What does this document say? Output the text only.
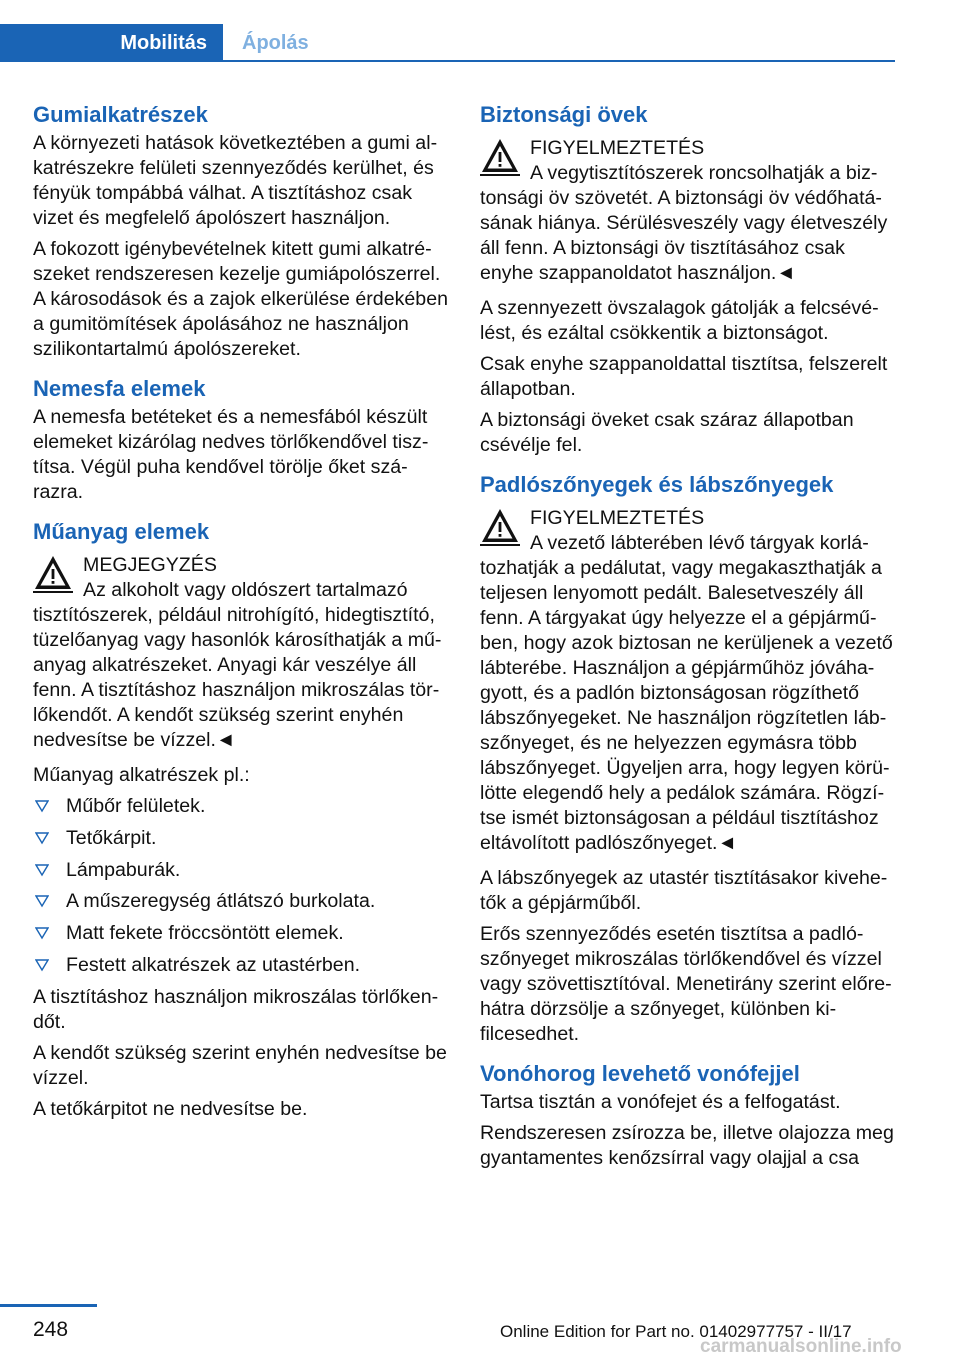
Mobilitás	Ápolás
Gumialkatrészek
A környezeti hatások következtében a gumi alkatrészekre felületi szennyeződés kerülhet, és fényük tompábbá válhat. A tisztításhoz csak vizet és megfelelő ápolószert használjon.
A fokozott igénybevételnek kitett gumi alkatrészeket rendszeresen kezelje gumiápolószerrel. A károsodások és a zajok elkerülése érdekében a gumitömítések ápolásához ne használjon szilikontartalmú ápolószereket.
Nemesfa elemek
A nemesfa betéteket és a nemesfából készült elemeket kizárólag nedves törlőkendővel tisztítsa. Végül puha kendővel törölje őket szárazra.
Műanyag elemek
MEGJEGYZÉS
Az alkoholt vagy oldószert tartalmazó tisztítószerek, például nitrohígító, hidegtisztító, tüzelőanyag vagy hasonlók károsíthatják a műanyag alkatrészeket. Anyagi kár veszélye áll fenn. A tisztításhoz használjon mikroszálas törlőkendőt. A kendőt szükség szerint enyhén nedvesítse be vízzel.◄
Műanyag alkatrészek pl.:
Műbőr felületek.
Tetőkárpit.
Lámpaburák.
A műszeregység átlátszó burkolata.
Matt fekete fröccsöntött elemek.
Festett alkatrészek az utastérben.
A tisztításhoz használjon mikroszálas törlőkendőt.
A kendőt szükség szerint enyhén nedvesítse be vízzel.
A tetőkárpitot ne nedvesítse be.
Biztonsági övek
FIGYELMEZTETÉS
A vegytisztítószerek roncsolhatják a biztonsági öv szövetét. A biztonsági öv védőhatásának hiánya. Sérülésveszély vagy életveszély áll fenn. A biztonsági öv tisztításához csak enyhe szappanoldatot használjon.◄
A szennyezett övszalagok gátolják a felcsévélést, és ezáltal csökkentik a biztonságot.
Csak enyhe szappanoldattal tisztítsa, felszerelt állapotban.
A biztonsági öveket csak száraz állapotban csévélje fel.
Padlószőnyegek és lábszőnyegek
FIGYELMEZTETÉS
A vezető lábterében lévő tárgyak korlátozhatják a pedálutat, vagy megakaszthatják a teljesen lenyomott pedált. Balesetveszély áll fenn. A tárgyakat úgy helyezze el a gépjárműben, hogy azok biztosan ne kerüljenek a vezető lábterébe. Használjon a gépjárműhöz jóváhagyott, és a padlón biztonságosan rögzíthető lábszőnyegeket. Ne használjon rögzítetlen lábszőnyeget, és ne helyezzen egymásra több lábszőnyeget. Ügyeljen arra, hogy legyen körülötte elegendő hely a pedálok számára. Rögzítse ismét biztonságosan a például tisztításhoz eltávolított padlószőnyeget.◄
A lábszőnyegek az utastér tisztításakor kivehetők a gépjárműből.
Erős szennyeződés esetén tisztítsa a padlószőnyeget mikroszálas törlőkendővel és vízzel vagy szövettisztítóval. Menetirány szerint előre-hátra dörzsölje a szőnyeget, különben kifilcesedhet.
Vonóhorog levehető vonófejjel
Tartsa tisztán a vonófejet és a felfogatást.
Rendszeresen zsírozza be, illetve olajozza meg gyantamentes kenőzsírral vagy olajjal a csa
248	Online Edition for Part no. 01402977757 - II/17
carmanualsonline.info
